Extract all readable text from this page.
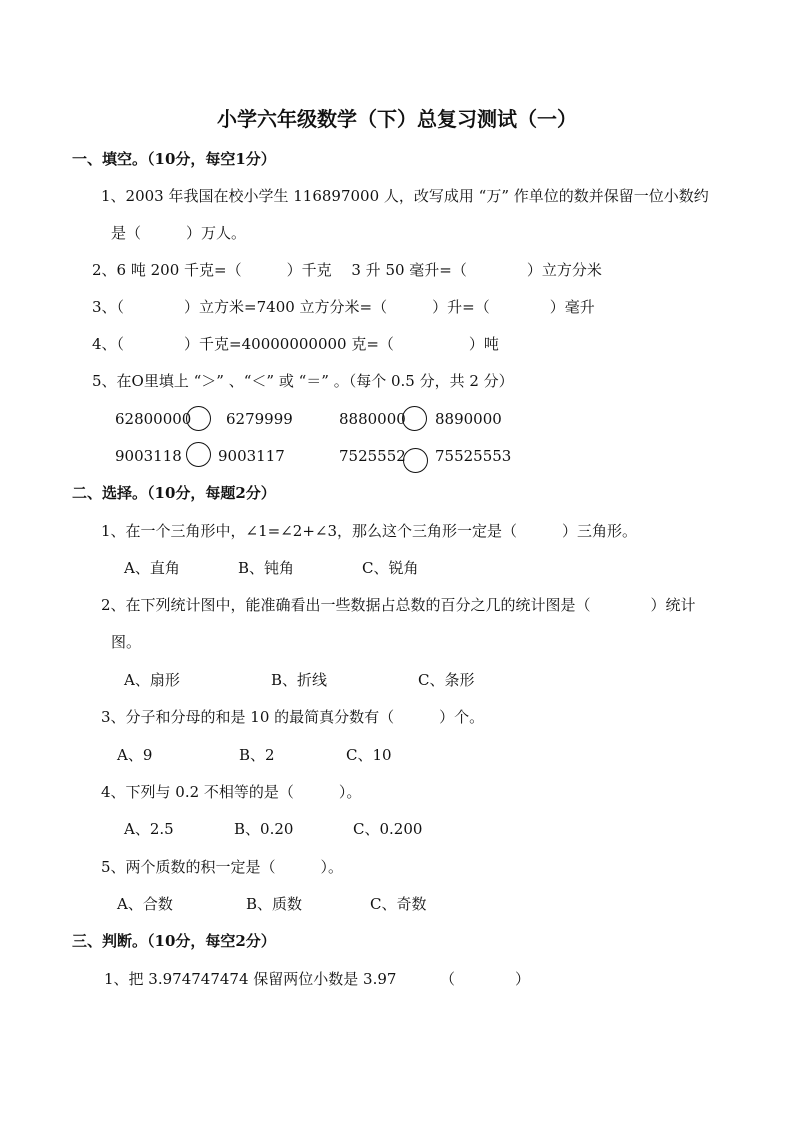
小学六年级数学（下）总复习测试（一）
一、填空。（10分，每空1分）
1、2003 年我国在校小学生 116897000 人，改写成用 “万” 作单位的数并保留一位小数约
是（　　　）万人。
2、6 吨 200 千克=（　　　）千克　 3 升 50 毫升=（　　　　）立方分米
3、（　　　　）立方米=7400 立方分米=（　　　）升=（　　　　）毫升
4、（　　　　）千克=40000000000 克=（　　　　　）吨
5、在O里填上 “＞” 、“＜” 或 “＝” 。（每个 0.5 分，共 2 分）
62800000 6279999	8880000 8890000
9003118 9003117	7525552 75525553
二、选择。（10分，每题2分）
1、在一个三角形中，∠1=∠2+∠3，那么这个三角形一定是（　　　）三角形。
A、直角	B、钝角	C、锐角
2、在下列统计图中，能准确看出一些数据占总数的百分之几的统计图是（　　　　）统计
图。
A、扇形	B、折线	C、条形
3、分子和分母的和是 10 的最简真分数有（　　　）个。
A、9	B、2	C、10
4、下列与 0.2 不相等的是（　　　）。
A、2.5	B、0.20	C、0.200
5、两个质数的积一定是（　　　）。
A、合数	B、质数	C、奇数
三、判断。（10分，每空2分）
1、把 3.974747474 保留两位小数是 3.97	（　　　　）
